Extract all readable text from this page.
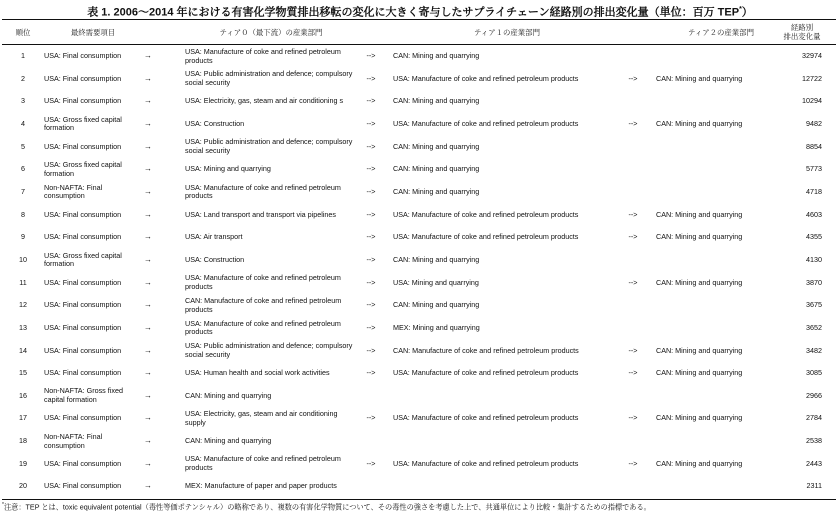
表 1. 2006〜2014 年における有害化学物質排出移転の変化に大きく寄与したサプライチェーン経路別の排出変化量（単位：百万 TEP*）
順位	最終需要項目	ティア０（最下流）の産業部門	ティア１の産業部門	ティア２の産業部門	経路別
排出変化量
1	USA: Final consumption	→	USA: Manufacture of coke and refined petroleum products	--> CAN: Mining and quarrying	32974
2	USA: Final consumption	→	USA: Public administration and defence; compulsory social security	--> USA: Manufacture of coke and refined petroleum products	-->	CAN: Mining and quarrying	12722
3	USA: Final consumption	→	USA: Electricity, gas, steam and air conditioning s	--> CAN: Mining and quarrying	10294
4	USA: Gross fixed capital formation	→	USA: Construction	--> USA: Manufacture of coke and refined petroleum products	-->	CAN: Mining and quarrying	9482
5	USA: Final consumption	→	USA: Public administration and defence; compulsory social security	--> CAN: Mining and quarrying	8854
6	USA: Gross fixed capital formation	→	USA: Mining and quarrying	--> CAN: Mining and quarrying	5773
7	Non-NAFTA: Final consumption	→	USA: Manufacture of coke and refined petroleum products	--> CAN: Mining and quarrying	4718
8	USA: Final consumption	→	USA: Land transport and transport via pipelines	--> USA: Manufacture of coke and refined petroleum products	-->	CAN: Mining and quarrying	4603
9	USA: Final consumption	→	USA: Air transport	--> USA: Manufacture of coke and refined petroleum products	-->	CAN: Mining and quarrying	4355
10 USA: Gross fixed capital formation	→	USA: Construction	--> CAN: Mining and quarrying	4130
11 USA: Final consumption	→	USA: Manufacture of coke and refined petroleum products	--> USA: Mining and quarrying	-->	CAN: Mining and quarrying	3870
12 USA: Final consumption	→	CAN: Manufacture of coke and refined petroleum products	--> CAN: Mining and quarrying	3675
13 USA: Final consumption	→	USA: Manufacture of coke and refined petroleum products	--> MEX: Mining and quarrying	3652
14 USA: Final consumption	→	USA: Public administration and defence; compulsory social security	--> CAN: Manufacture of coke and refined petroleum products	-->	CAN: Mining and quarrying	3482
15 USA: Final consumption	→	USA: Human health and social work activities	--> USA: Manufacture of coke and refined petroleum products	-->	CAN: Mining and quarrying	3085
16 Non-NAFTA: Gross fixed capital formation	→	CAN: Mining and quarrying	2966
17 USA: Final consumption	→	USA: Electricity, gas, steam and air conditioning supply	--> USA: Manufacture of coke and refined petroleum products	-->	CAN: Mining and quarrying	2784
18 Non-NAFTA: Final consumption	→	CAN: Mining and quarrying	2538
19 USA: Final consumption	→	USA: Manufacture of coke and refined petroleum products	--> USA: Manufacture of coke and refined petroleum products	-->	CAN: Mining and quarrying	2443
20 USA: Final consumption	→	MEX: Manufacture of paper and paper products	2311
*注意：TEP とは、toxic equivalent potential（毒性等価ポテンシャル）の略称であり、複数の有害化学物質について、その毒性の強さを考慮した上で、共通単位により比較・集計するための指標である。
